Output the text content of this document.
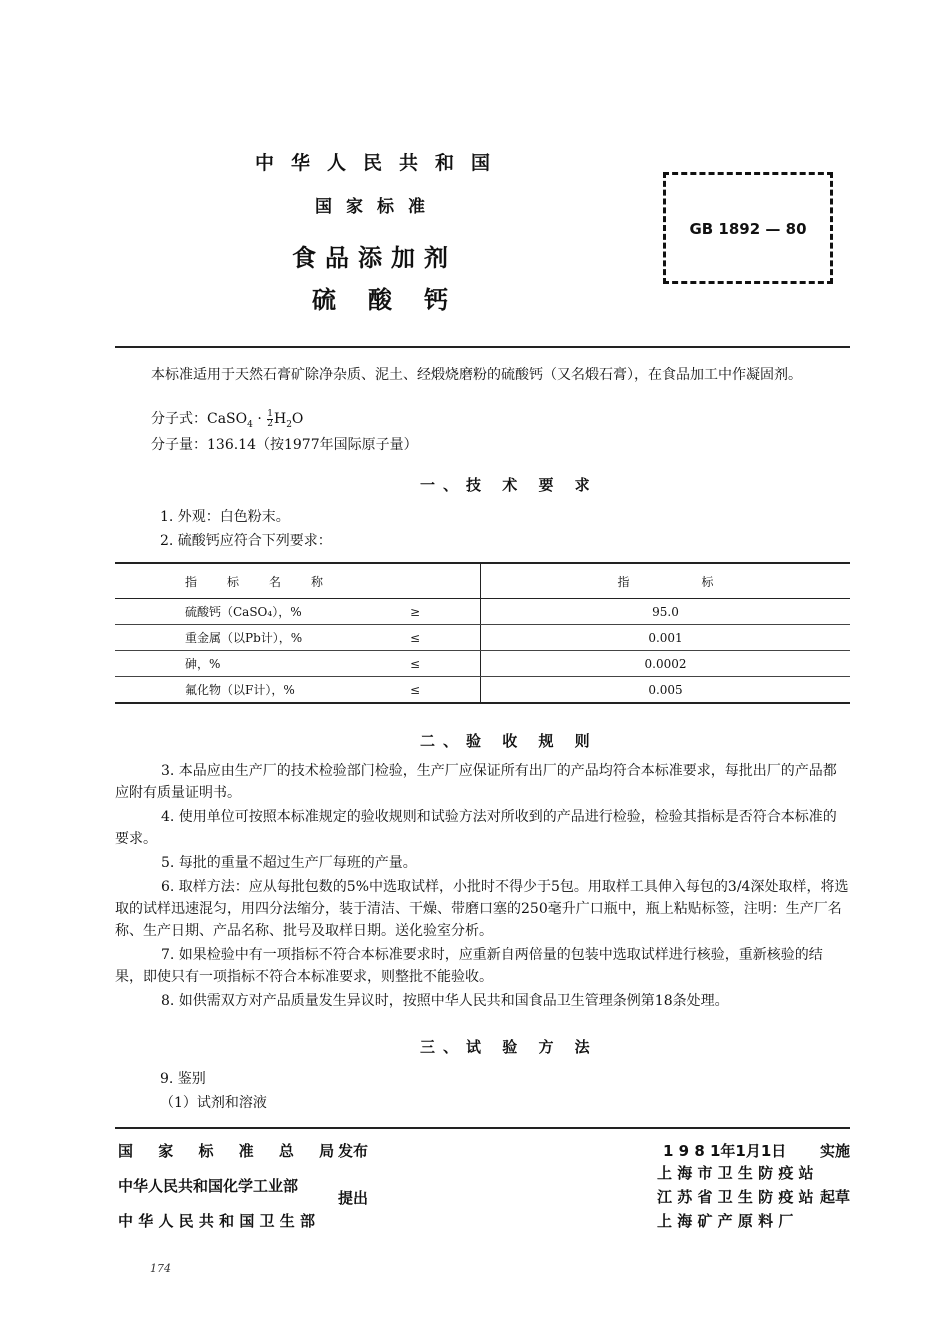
中华人民共和国
国家标准
食品添加剂
硫酸钙
GB 1892 — 80
本标准适用于天然石膏矿除净杂质、泥土、经煅烧磨粉的硫酸钙（又名煅石膏），在食品加工中作凝固剂。
分子式：CaSO$_4$ · $\frac{1}{2} H_2O$
分子量：136.14（按1977年国际原子量）
一、技 术 要 求
1. 外观：白色粉末。
2. 硫酸钙应符合下列要求：
指　　标　　名　　称		指　　　　　　标
硫酸钙（CaSO₄），%	≥	95.0
重金属（以Pb计），%	≤	0.001
砷，%	≤	0.0002
氟化物（以F计），%	≤	0.005
二、验 收 规 则
3. 本品应由生产厂的技术检验部门检验，生产厂应保证所有出厂的产品均符合本标准要求，每批出厂的产品都应附有质量证明书。
4. 使用单位可按照本标准规定的验收规则和试验方法对所收到的产品进行检验，检验其指标是否符合本标准的要求。
5. 每批的重量不超过生产厂每班的产量。
6. 取样方法：应从每批包数的5%中选取试样，小批时不得少于5包。用取样工具伸入每包的3/4深处取样，将选取的试样迅速混匀，用四分法缩分，装于清洁、干燥、带磨口塞的250毫升广口瓶中，瓶上粘贴标签，注明：生产厂名称、生产日期、产品名称、批号及取样日期。送化验室分析。
7. 如果检验中有一项指标不符合本标准要求时，应重新自两倍量的包装中选取试样进行核验，重新核验的结果，即使只有一项指标不符合本标准要求，则整批不能验收。
8. 如供需双方对产品质量发生异议时，按照中华人民共和国食品卫生管理条例第18条处理。
三、试 验 方 法
9. 鉴别
（1）试剂和溶液
国 家 标 准 总 局
发布
中华人民共和国化学工业部
中 华 人 民 共 和 国 卫 生 部
提出
1 9 8 1年1月1日 实施
上 海 市 卫 生 防 疫 站
江 苏 省 卫 生 防 疫 站 起草
上 海 矿 产 原 料 厂
174
